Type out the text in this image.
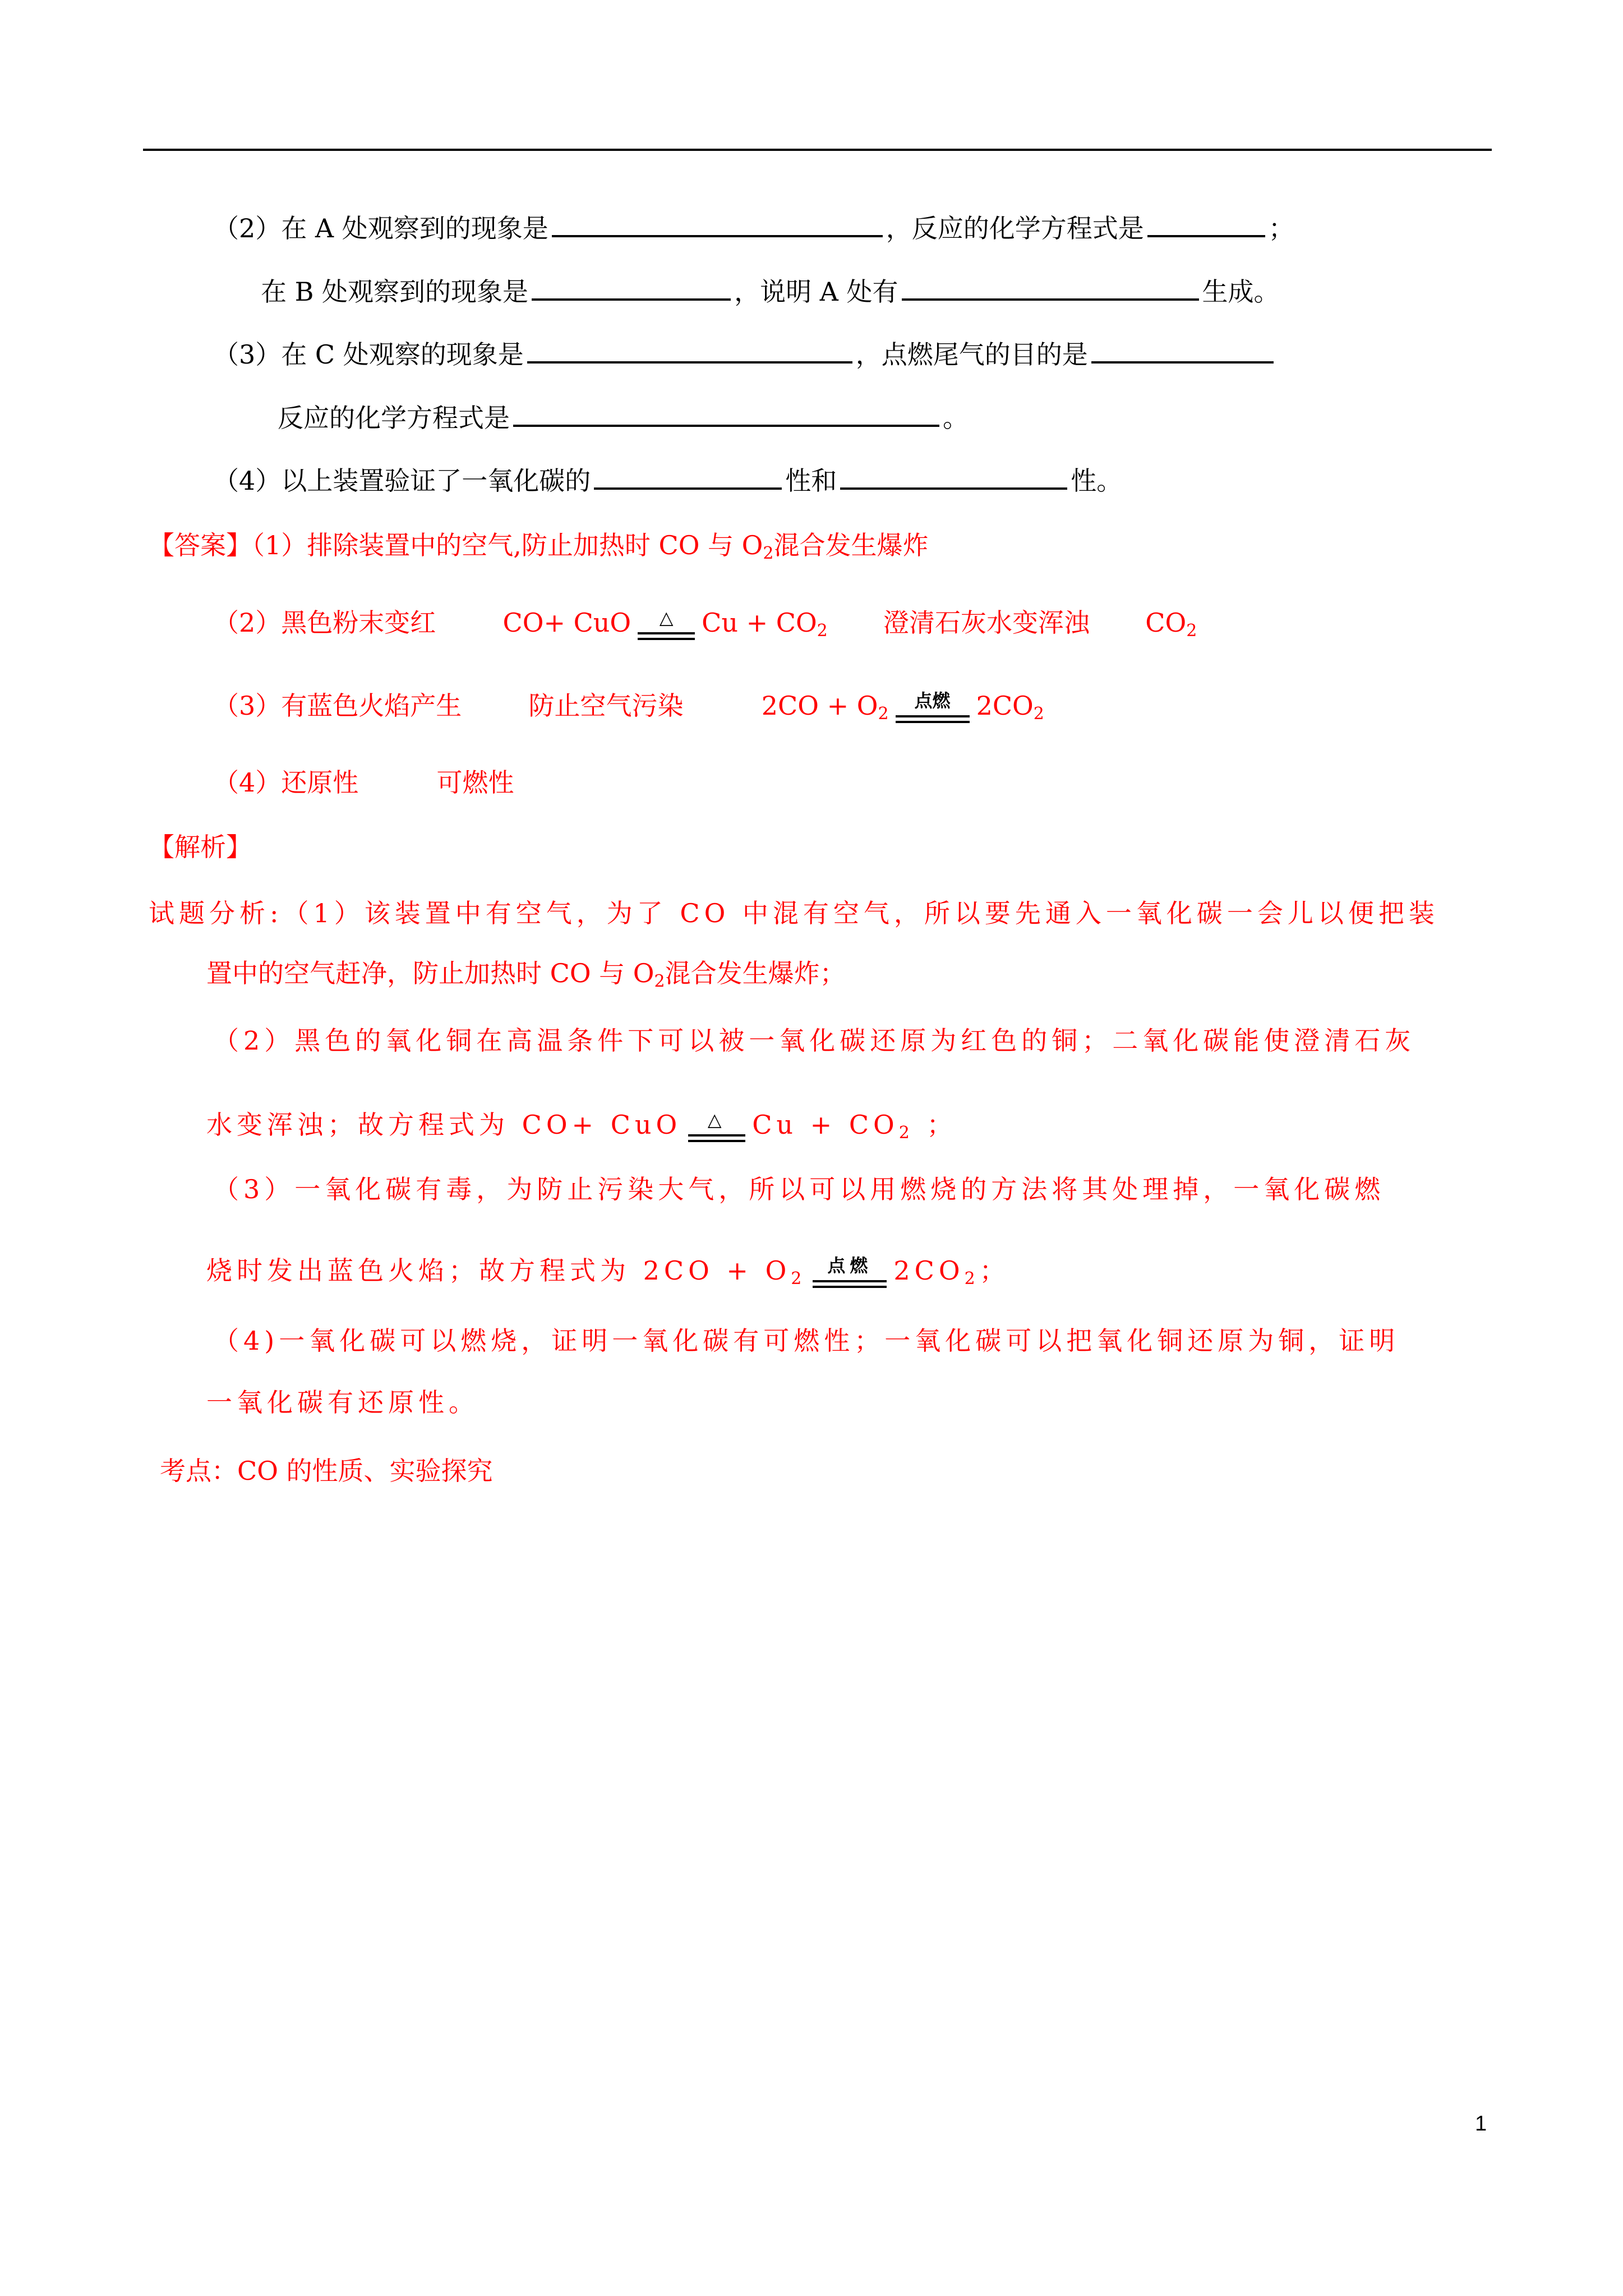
（2）在 A 处观察到的现象是	，反应的化学方程式是	；
在 B 处观察到的现象是	，说明 A 处有	生成。
（3）在 C 处观察的现象是	，点燃尾气的目的是
反应的化学方程式是	。
（4）以上装置验证了一氧化碳的	性和	性。
【答案】（1）排除装置中的空气,防止加热时 CO 与 $O_2$混合发生爆炸
（2）黑色粉末变红	CO+ CuO	△	$Cu + CO_2$ 澄清石灰水变浑浊 $CO_2$
（3）有蓝色火焰产生	防止空气污染	$2CO + O_2$
点燃	$2CO_2$
（4）还原性	可燃性
【解析】
试题分析:（1）该装置中有空气，为了 CO 中混有空气，所以要先通入一氧化碳一会儿以便把装
置中的空气赶净，防止加热时 CO 与 $O_2$混合发生爆炸；
（2）黑色的氧化铜在高温条件下可以被一氧化碳还原为红色的铜；二氧化碳能使澄清石灰
水变浑浊；故方程式为 CO+ CuO	△	$Cu + CO_2$ ；
（3）一氧化碳有毒，为防止污染大气，所以可以用燃烧的方法将其处理掉，一氧化碳燃
烧时发出蓝色火焰；故方程式为 $2CO + O_2$
点燃 $2CO_2$；
（4)一氧化碳可以燃烧，证明一氧化碳有可燃性；一氧化碳可以把氧化铜还原为铜，证明
一氧化碳有还原性。
考点：CO 的性质、实验探究
1
